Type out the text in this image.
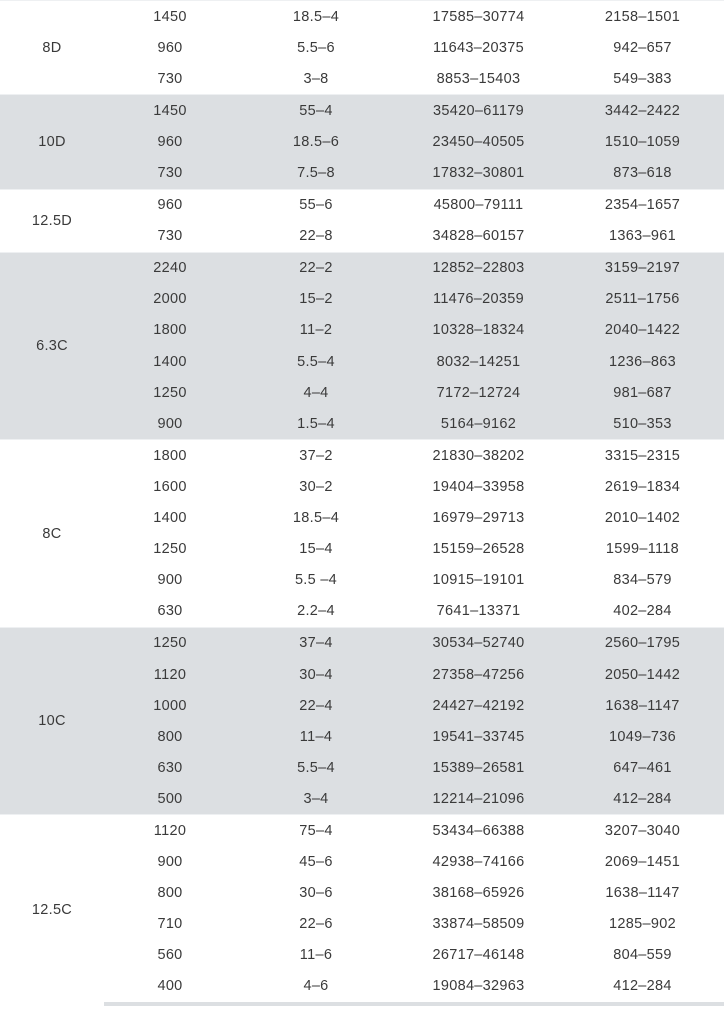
8D	1450	18.5–4	17585–30774	2158–1501
	960	5.5–6	11643–20375	942–657
	730	3–8	8853–15403	549–383
10D	1450	55–4	35420–61179	3442–2422
	960	18.5–6	23450–40505	1510–1059
	730	7.5–8	17832–30801	873–618
12.5D	960	55–6	45800–79111	2354–1657
	730	22–8	34828–60157	1363–961
6.3C	2240	22–2	12852–22803	3159–2197
	2000	15–2	11476–20359	2511–1756
	1800	11–2	10328–18324	2040–1422
	1400	5.5–4	8032–14251	1236–863
	1250	4–4	7172–12724	981–687
	900	1.5–4	5164–9162	510–353
8C	1800	37–2	21830–38202	3315–2315
	1600	30–2	19404–33958	2619–1834
	1400	18.5–4	16979–29713	2010–1402
	1250	15–4	15159–26528	1599–1118
	900	5.5 –4	10915–19101	834–579
	630	2.2–4	7641–13371	402–284
10C	1250	37–4	30534–52740	2560–1795
	1120	30–4	27358–47256	2050–1442
	1000	22–4	24427–42192	1638–1147
	800	11–4	19541–33745	1049–736
	630	5.5–4	15389–26581	647–461
	500	3–4	12214–21096	412–284
12.5C	1120	75–4	53434–66388	3207–3040
	900	45–6	42938–74166	2069–1451
	800	30–6	38168–65926	1638–1147
	710	22–6	33874–58509	1285–902
	560	11–6	26717–46148	804–559
	400	4–6	19084–32963	412–284
